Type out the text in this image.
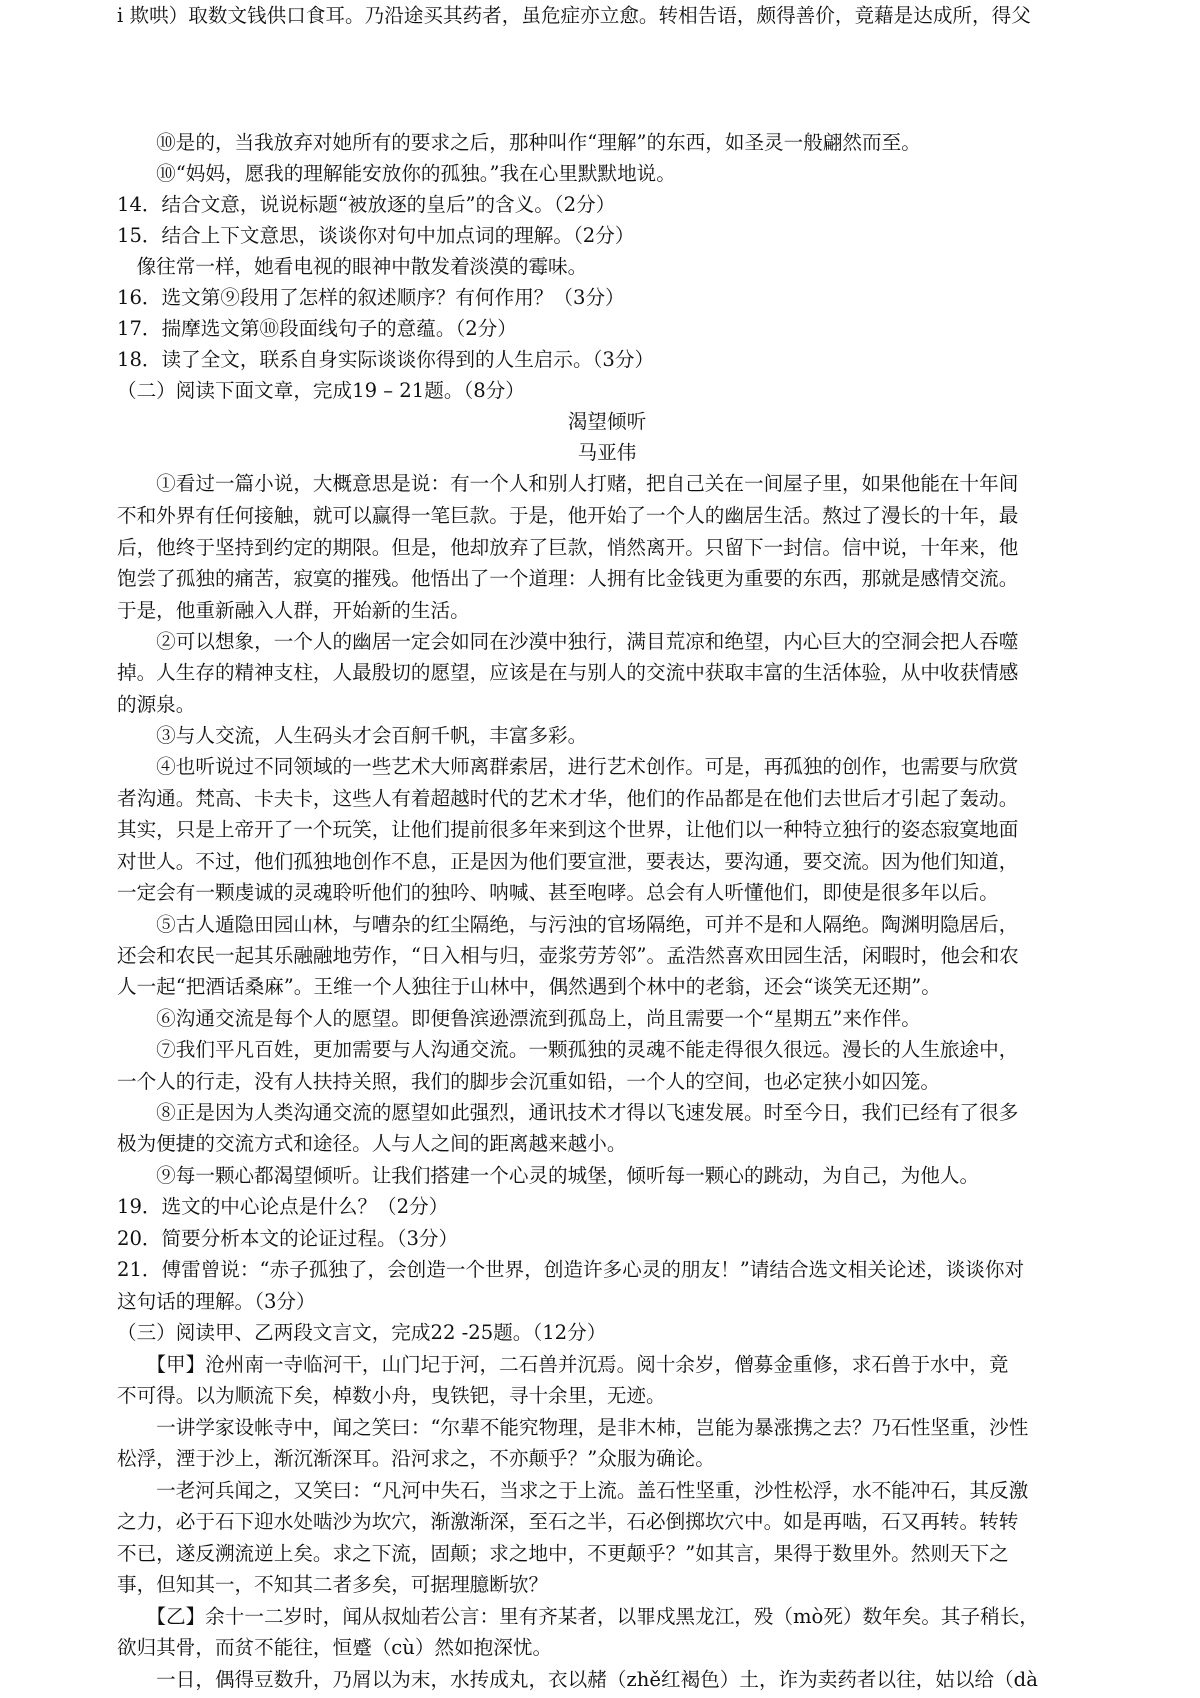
　　⑩是的，当我放弃对她所有的要求之后，那种叫作“理解”的东西，如圣灵一般翩然而至。
　　⑩“妈妈，愿我的理解能安放你的孤独。”我在心里默默地说。
14．结合文意，说说标题“被放逐的皇后”的含义。（2分）
15．结合上下文意思，谈谈你对句中加点词的理解。（2分）
　像往常一样，她看电视的眼神中散发着淡漠的霉味。
16．选文第⑨段用了怎样的叙述顺序？有何作用？（3分）
17．揣摩选文第⑩段面线句子的意蕴。（2分）
18．读了全文，联系自身实际谈谈你得到的人生启示。（3分）
（二）阅读下面文章，完成19 – 21题。（8分）
渴望倾听
马亚伟
　　①看过一篇小说，大概意思是说：有一个人和别人打赌，把自己关在一间屋子里，如果他能在十年间
不和外界有任何接触，就可以赢得一笔巨款。于是，他开始了一个人的幽居生活。熬过了漫长的十年，最
后，他终于坚持到约定的期限。但是，他却放弃了巨款，悄然离开。只留下一封信。信中说，十年来，他
饱尝了孤独的痛苦，寂寞的摧残。他悟出了一个道理：人拥有比金钱更为重要的东西，那就是感情交流。
于是，他重新融入人群，开始新的生活。
　　②可以想象，一个人的幽居一定会如同在沙漠中独行，满目荒凉和绝望，内心巨大的空洞会把人吞噬
掉。人生存的精神支柱，人最殷切的愿望，应该是在与别人的交流中获取丰富的生活体验，从中收获情感
的源泉。
　　③与人交流，人生码头才会百舸千帆，丰富多彩。
　　④也听说过不同领域的一些艺术大师离群索居，进行艺术创作。可是，再孤独的创作，也需要与欣赏
者沟通。梵高、卡夫卡，这些人有着超越时代的艺术才华，他们的作品都是在他们去世后才引起了轰动。
其实，只是上帝开了一个玩笑，让他们提前很多年来到这个世界，让他们以一种特立独行的姿态寂寞地面
对世人。不过，他们孤独地创作不息，正是因为他们要宣泄，要表达，要沟通，要交流。因为他们知道，
一定会有一颗虔诚的灵魂聆听他们的独吟、呐喊、甚至咆哮。总会有人听懂他们，即使是很多年以后。
　　⑤古人遁隐田园山林，与嘈杂的红尘隔绝，与污浊的官场隔绝，可并不是和人隔绝。陶渊明隐居后，
还会和农民一起其乐融融地劳作，“日入相与归，壶浆劳芳邻”。孟浩然喜欢田园生活，闲暇时，他会和农
人一起“把酒话桑麻”。王维一个人独往于山林中，偶然遇到个林中的老翁，还会“谈笑无还期”。
　　⑥沟通交流是每个人的愿望。即便鲁滨逊漂流到孤岛上，尚且需要一个“星期五”来作伴。
　　⑦我们平凡百姓，更加需要与人沟通交流。一颗孤独的灵魂不能走得很久很远。漫长的人生旅途中，
一个人的行走，没有人扶持关照，我们的脚步会沉重如铅，一个人的空间，也必定狭小如囚笼。
　　⑧正是因为人类沟通交流的愿望如此强烈，通讯技术才得以飞速发展。时至今日，我们已经有了很多
极为便捷的交流方式和途径。人与人之间的距离越来越小。
　　⑨每一颗心都渴望倾听。让我们搭建一个心灵的城堡，倾听每一颗心的跳动，为自己，为他人。
19．选文的中心论点是什么？（2分）
20．简要分析本文的论证过程。（3分）
21．傅雷曾说：“赤子孤独了，会创造一个世界，创造许多心灵的朋友！”请结合选文相关论述，谈谈你对
这句话的理解。（3分）
（三）阅读甲、乙两段文言文，完成22 -25题。（12分）
　　【甲】沧州南一寺临河干，山门圮于河，二石兽并沉焉。阅十余岁，僧募金重修，求石兽于水中，竟
不可得。以为顺流下矣，棹数小舟，曳铁钯，寻十余里，无迹。
　　一讲学家设帐寺中，闻之笑曰：“尔辈不能究物理，是非木杮，岂能为暴涨携之去？乃石性坚重，沙性
松浮，湮于沙上，渐沉渐深耳。沿河求之，不亦颠乎？”众服为确论。
　　一老河兵闻之，又笑曰：“凡河中失石，当求之于上流。盖石性坚重，沙性松浮，水不能冲石，其反激
之力，必于石下迎水处啮沙为坎穴，渐激渐深，至石之半，石必倒掷坎穴中。如是再啮，石又再转。转转
不已，遂反溯流逆上矣。求之下流，固颠；求之地中，不更颠乎？”如其言，果得于数里外。然则天下之
事，但知其一，不知其二者多矣，可据理臆断欤？
　　【乙】余十一二岁时，闻从叔灿若公言：里有齐某者，以罪戍黑龙江，殁（mò死）数年矣。其子稍长，
欲归其骨，而贫不能往，恒蹙（cù）然如抱深忧。
　　一日，偶得豆数升，乃屑以为末，水抟成丸，衣以赭（zhě红褐色）土，诈为卖药者以往，姑以给（dà
i 欺哄）取数文钱供口食耳。乃沿途买其药者，虽危症亦立愈。转相告语，颇得善价，竟藉是达成所，得父
